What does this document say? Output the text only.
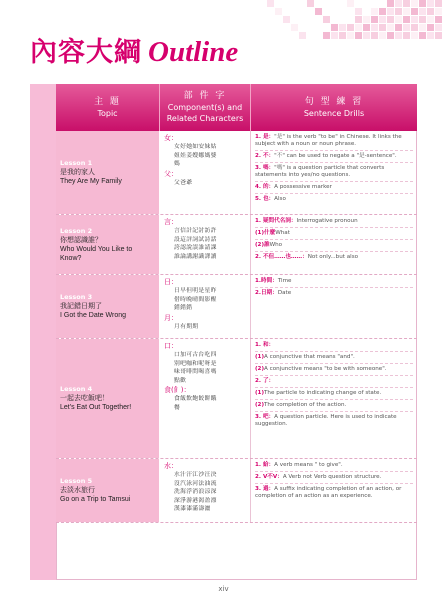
內容大綱 Outline
主 題
Topic
部 件 字
Component(s) and
Related Characters
句 型 練 習
Sentence Drills
Lesson 1
是我的家人
They Are My Family
女：
女好她如安妹姑
姐娃姜嫂娜媽婆
媽
父：
父爸爺
1. 是："是" is the verb "to be" in Chinese. It links the subject with a noun or noun phrase.
2. 不："不" can be used to negate a "是-sentence".
3. 嗎："嗎" is a question particle that converts statements into yes/no questions.
4. 的：A possessive marker
5. 也：Also
Lesson 2
你想認識誰？
Who Would You Like to Know?
言：
言信計記討訪許
設這評詞試詩話
誇認說誤誰請課
誰論講謝識譯讀
1. 疑問代名詞：Interrogative pronoun
(1)什麼What
(2)誰Who
2. 不但……也……：Not only...but also
Lesson 3
我記錯日期了
I Got the Date Wrong
日：
日早但明是星昨
借時晚晴間影醒
錯錯錯
月：
月有期期
1.時間：Time
2.日期：Date
Lesson 4
一起去吃飯吧！
Let's Eat Out Together!
口：
口加可古台吃四
別吧咖和呢呀是
味哥啡問喝喜嗎
點歡
食(飠)：
食飯飲飽餃餅餓
餐
1. 和：
(1)A conjunctive that means "and".
(2)A conjunctive means "to be with someone".
2. 了：
(1)The particle to indicating change of state.
(2)The completion of the action.
3. 吧：A question particle. Here is used to indicate suggestion.
Lesson 5
去淡水旅行
Go on a Trip to Tamsui
水：
水汁汗江沙汪決
沒汽泳河法油流
洗海浮消浪涼深
深淨游港渴盈漂
漢漆漆滿濤灑
1. 給：A verb means " to give".
2. V不V：A Verb not Verb question structure.
3. 過：A suffix indicating completion of an action, or completion of an action as an experience.
xiv
